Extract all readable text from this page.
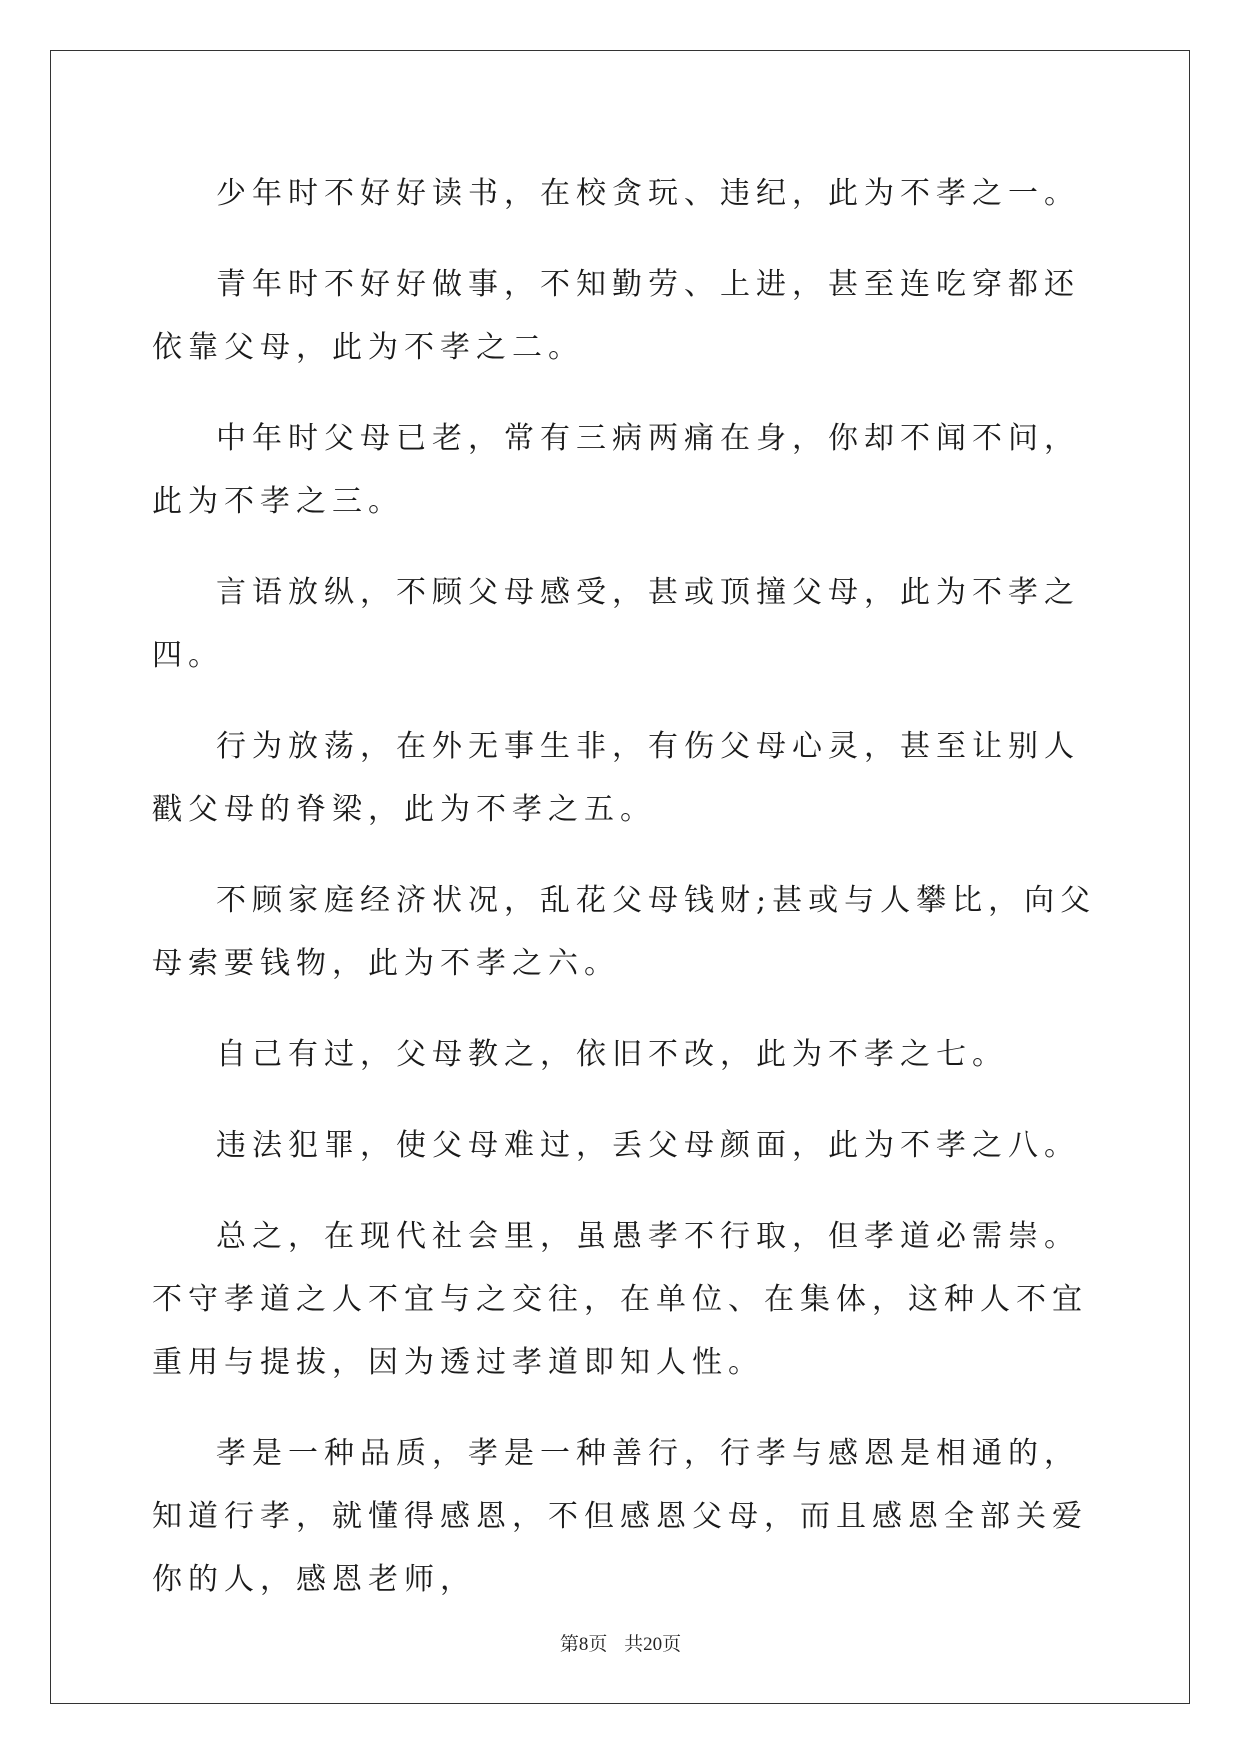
少年时不好好读书，在校贪玩、违纪，此为不孝之一。

青年时不好好做事，不知勤劳、上进，甚至连吃穿都还依靠父母，此为不孝之二。

中年时父母已老，常有三病两痛在身，你却不闻不问，此为不孝之三。

言语放纵，不顾父母感受，甚或顶撞父母，此为不孝之四。

行为放荡，在外无事生非，有伤父母心灵，甚至让别人戳父母的脊梁，此为不孝之五。

不顾家庭经济状况，乱花父母钱财;甚或与人攀比，向父母索要钱物，此为不孝之六。

自己有过，父母教之，依旧不改，此为不孝之七。

违法犯罪，使父母难过，丢父母颜面，此为不孝之八。

总之，在现代社会里，虽愚孝不行取，但孝道必需崇。不守孝道之人不宜与之交往，在单位、在集体，这种人不宜重用与提拔，因为透过孝道即知人性。

孝是一种品质，孝是一种善行，行孝与感恩是相通的，知道行孝，就懂得感恩，不但感恩父母，而且感恩全部关爱你的人，感恩老师，

第8页 共20页
